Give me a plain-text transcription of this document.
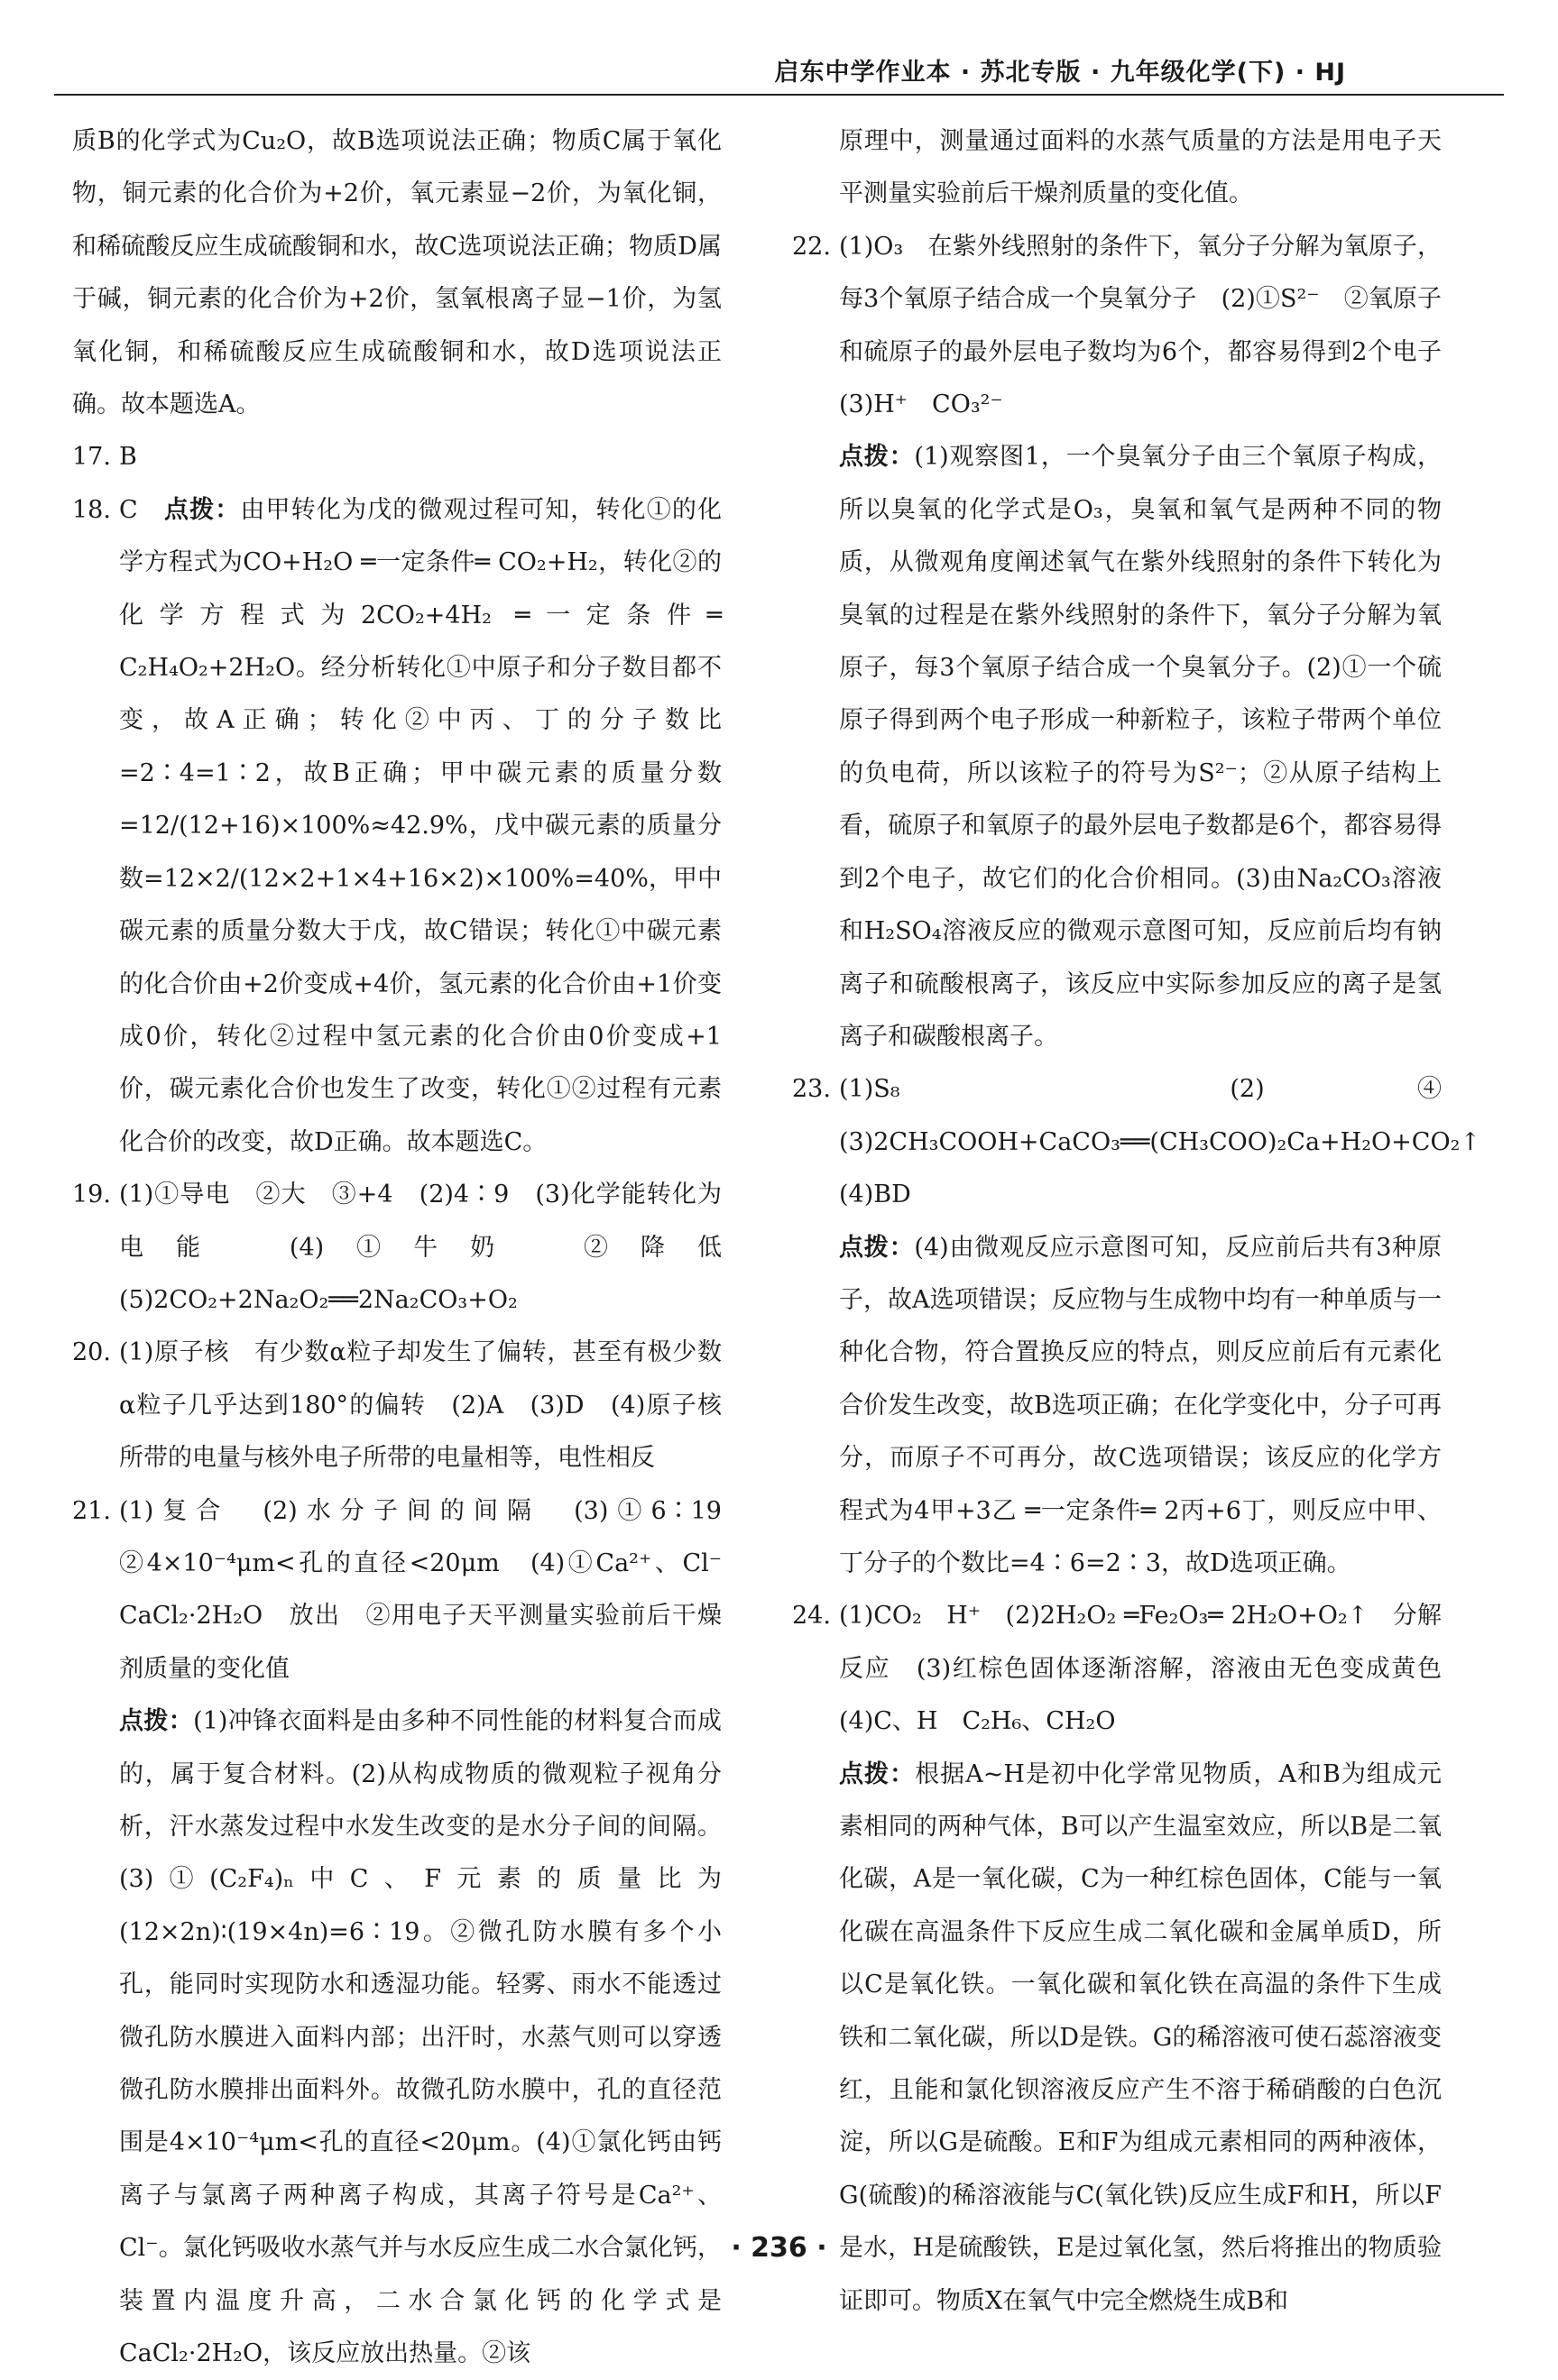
启东中学作业本 · 苏北专版 · 九年级化学(下) · HJ
质B的化学式为Cu₂O，故B选项说法正确；物质C属于氧化物，铜元素的化合价为+2价，氧元素显−2价，为氧化铜，和稀硫酸反应生成硫酸铜和水，故C选项说法正确；物质D属于碱，铜元素的化合价为+2价，氢氧根离子显−1价，为氢氧化铜，和稀硫酸反应生成硫酸铜和水，故D选项说法正确。故本题选A。
17. B
18. C　点拨：由甲转化为戊的微观过程可知，转化①的化学方程式为CO+H₂O ═一定条件═ CO₂+H₂，转化②的化学方程式为2CO₂+4H₂ ═一定条件═ C₂H₄O₂+2H₂O。经分析转化①中原子和分子数目都不变，故A正确；转化②中丙、丁的分子数比=2∶4=1∶2，故B正确；甲中碳元素的质量分数=12/(12+16)×100%≈42.9%，戊中碳元素的质量分数=12×2/(12×2+1×4+16×2)×100%=40%，甲中碳元素的质量分数大于戊，故C错误；转化①中碳元素的化合价由+2价变成+4价，氢元素的化合价由+1价变成0价，转化②过程中氢元素的化合价由0价变成+1价，碳元素化合价也发生了改变，转化①②过程有元素化合价的改变，故D正确。故本题选C。
19. (1)①导电　②大　③+4　(2)4∶9　(3)化学能转化为电能　(4)①牛奶　②降低　(5)2CO₂+2Na₂O₂══2Na₂CO₃+O₂
20. (1)原子核　有少数α粒子却发生了偏转，甚至有极少数α粒子几乎达到180°的偏转　(2)A　(3)D　(4)原子核所带的电量与核外电子所带的电量相等，电性相反
21. (1)复合　(2)水分子间的间隔　(3)①6∶19　②4×10⁻⁴μm<孔的直径<20μm　(4)①Ca²⁺、Cl⁻　CaCl₂·2H₂O　放出　②用电子天平测量实验前后干燥剂质量的变化值
点拨：(1)冲锋衣面料是由多种不同性能的材料复合而成的，属于复合材料。(2)从构成物质的微观粒子视角分析，汗水蒸发过程中水发生改变的是水分子间的间隔。(3)①(C₂F₄)ₙ中C、F元素的质量比为(12×2n)∶(19×4n)=6∶19。②微孔防水膜有多个小孔，能同时实现防水和透湿功能。轻雾、雨水不能透过微孔防水膜进入面料内部；出汗时，水蒸气则可以穿透微孔防水膜排出面料外。故微孔防水膜中，孔的直径范围是4×10⁻⁴μm<孔的直径<20μm。(4)①氯化钙由钙离子与氯离子两种离子构成，其离子符号是Ca²⁺、Cl⁻。氯化钙吸收水蒸气并与水反应生成二水合氯化钙，装置内温度升高，二水合氯化钙的化学式是CaCl₂·2H₂O，该反应放出热量。②该
原理中，测量通过面料的水蒸气质量的方法是用电子天平测量实验前后干燥剂质量的变化值。
22. (1)O₃　在紫外线照射的条件下，氧分子分解为氧原子，每3个氧原子结合成一个臭氧分子　(2)①S²⁻　②氧原子和硫原子的最外层电子数均为6个，都容易得到2个电子　(3)H⁺　CO₃²⁻
点拨：(1)观察图1，一个臭氧分子由三个氧原子构成，所以臭氧的化学式是O₃，臭氧和氧气是两种不同的物质，从微观角度阐述氧气在紫外线照射的条件下转化为臭氧的过程是在紫外线照射的条件下，氧分子分解为氧原子，每3个氧原子结合成一个臭氧分子。(2)①一个硫原子得到两个电子形成一种新粒子，该粒子带两个单位的负电荷，所以该粒子的符号为S²⁻；②从原子结构上看，硫原子和氧原子的最外层电子数都是6个，都容易得到2个电子，故它们的化合价相同。(3)由Na₂CO₃溶液和H₂SO₄溶液反应的微观示意图可知，反应前后均有钠离子和硫酸根离子，该反应中实际参加反应的离子是氢离子和碳酸根离子。
23. (1)S₈　(2)④　(3)2CH₃COOH+CaCO₃══(CH₃COO)₂Ca+H₂O+CO₂↑　(4)BD
点拨：(4)由微观反应示意图可知，反应前后共有3种原子，故A选项错误；反应物与生成物中均有一种单质与一种化合物，符合置换反应的特点，则反应前后有元素化合价发生改变，故B选项正确；在化学变化中，分子可再分，而原子不可再分，故C选项错误；该反应的化学方程式为4甲+3乙 ═一定条件═ 2丙+6丁，则反应中甲、丁分子的个数比=4∶6=2∶3，故D选项正确。
24. (1)CO₂　H⁺　(2)2H₂O₂ ═Fe₂O₃═ 2H₂O+O₂↑　分解反应　(3)红棕色固体逐渐溶解，溶液由无色变成黄色　(4)C、H　C₂H₆、CH₂O
点拨：根据A~H是初中化学常见物质，A和B为组成元素相同的两种气体，B可以产生温室效应，所以B是二氧化碳，A是一氧化碳，C为一种红棕色固体，C能与一氧化碳在高温条件下反应生成二氧化碳和金属单质D，所以C是氧化铁。一氧化碳和氧化铁在高温的条件下生成铁和二氧化碳，所以D是铁。G的稀溶液可使石蕊溶液变红，且能和氯化钡溶液反应产生不溶于稀硝酸的白色沉淀，所以G是硫酸。E和F为组成元素相同的两种液体，G(硫酸)的稀溶液能与C(氧化铁)反应生成F和H，所以F是水，H是硫酸铁，E是过氧化氢，然后将推出的物质验证即可。物质X在氧气中完全燃烧生成B和
· 236 ·
